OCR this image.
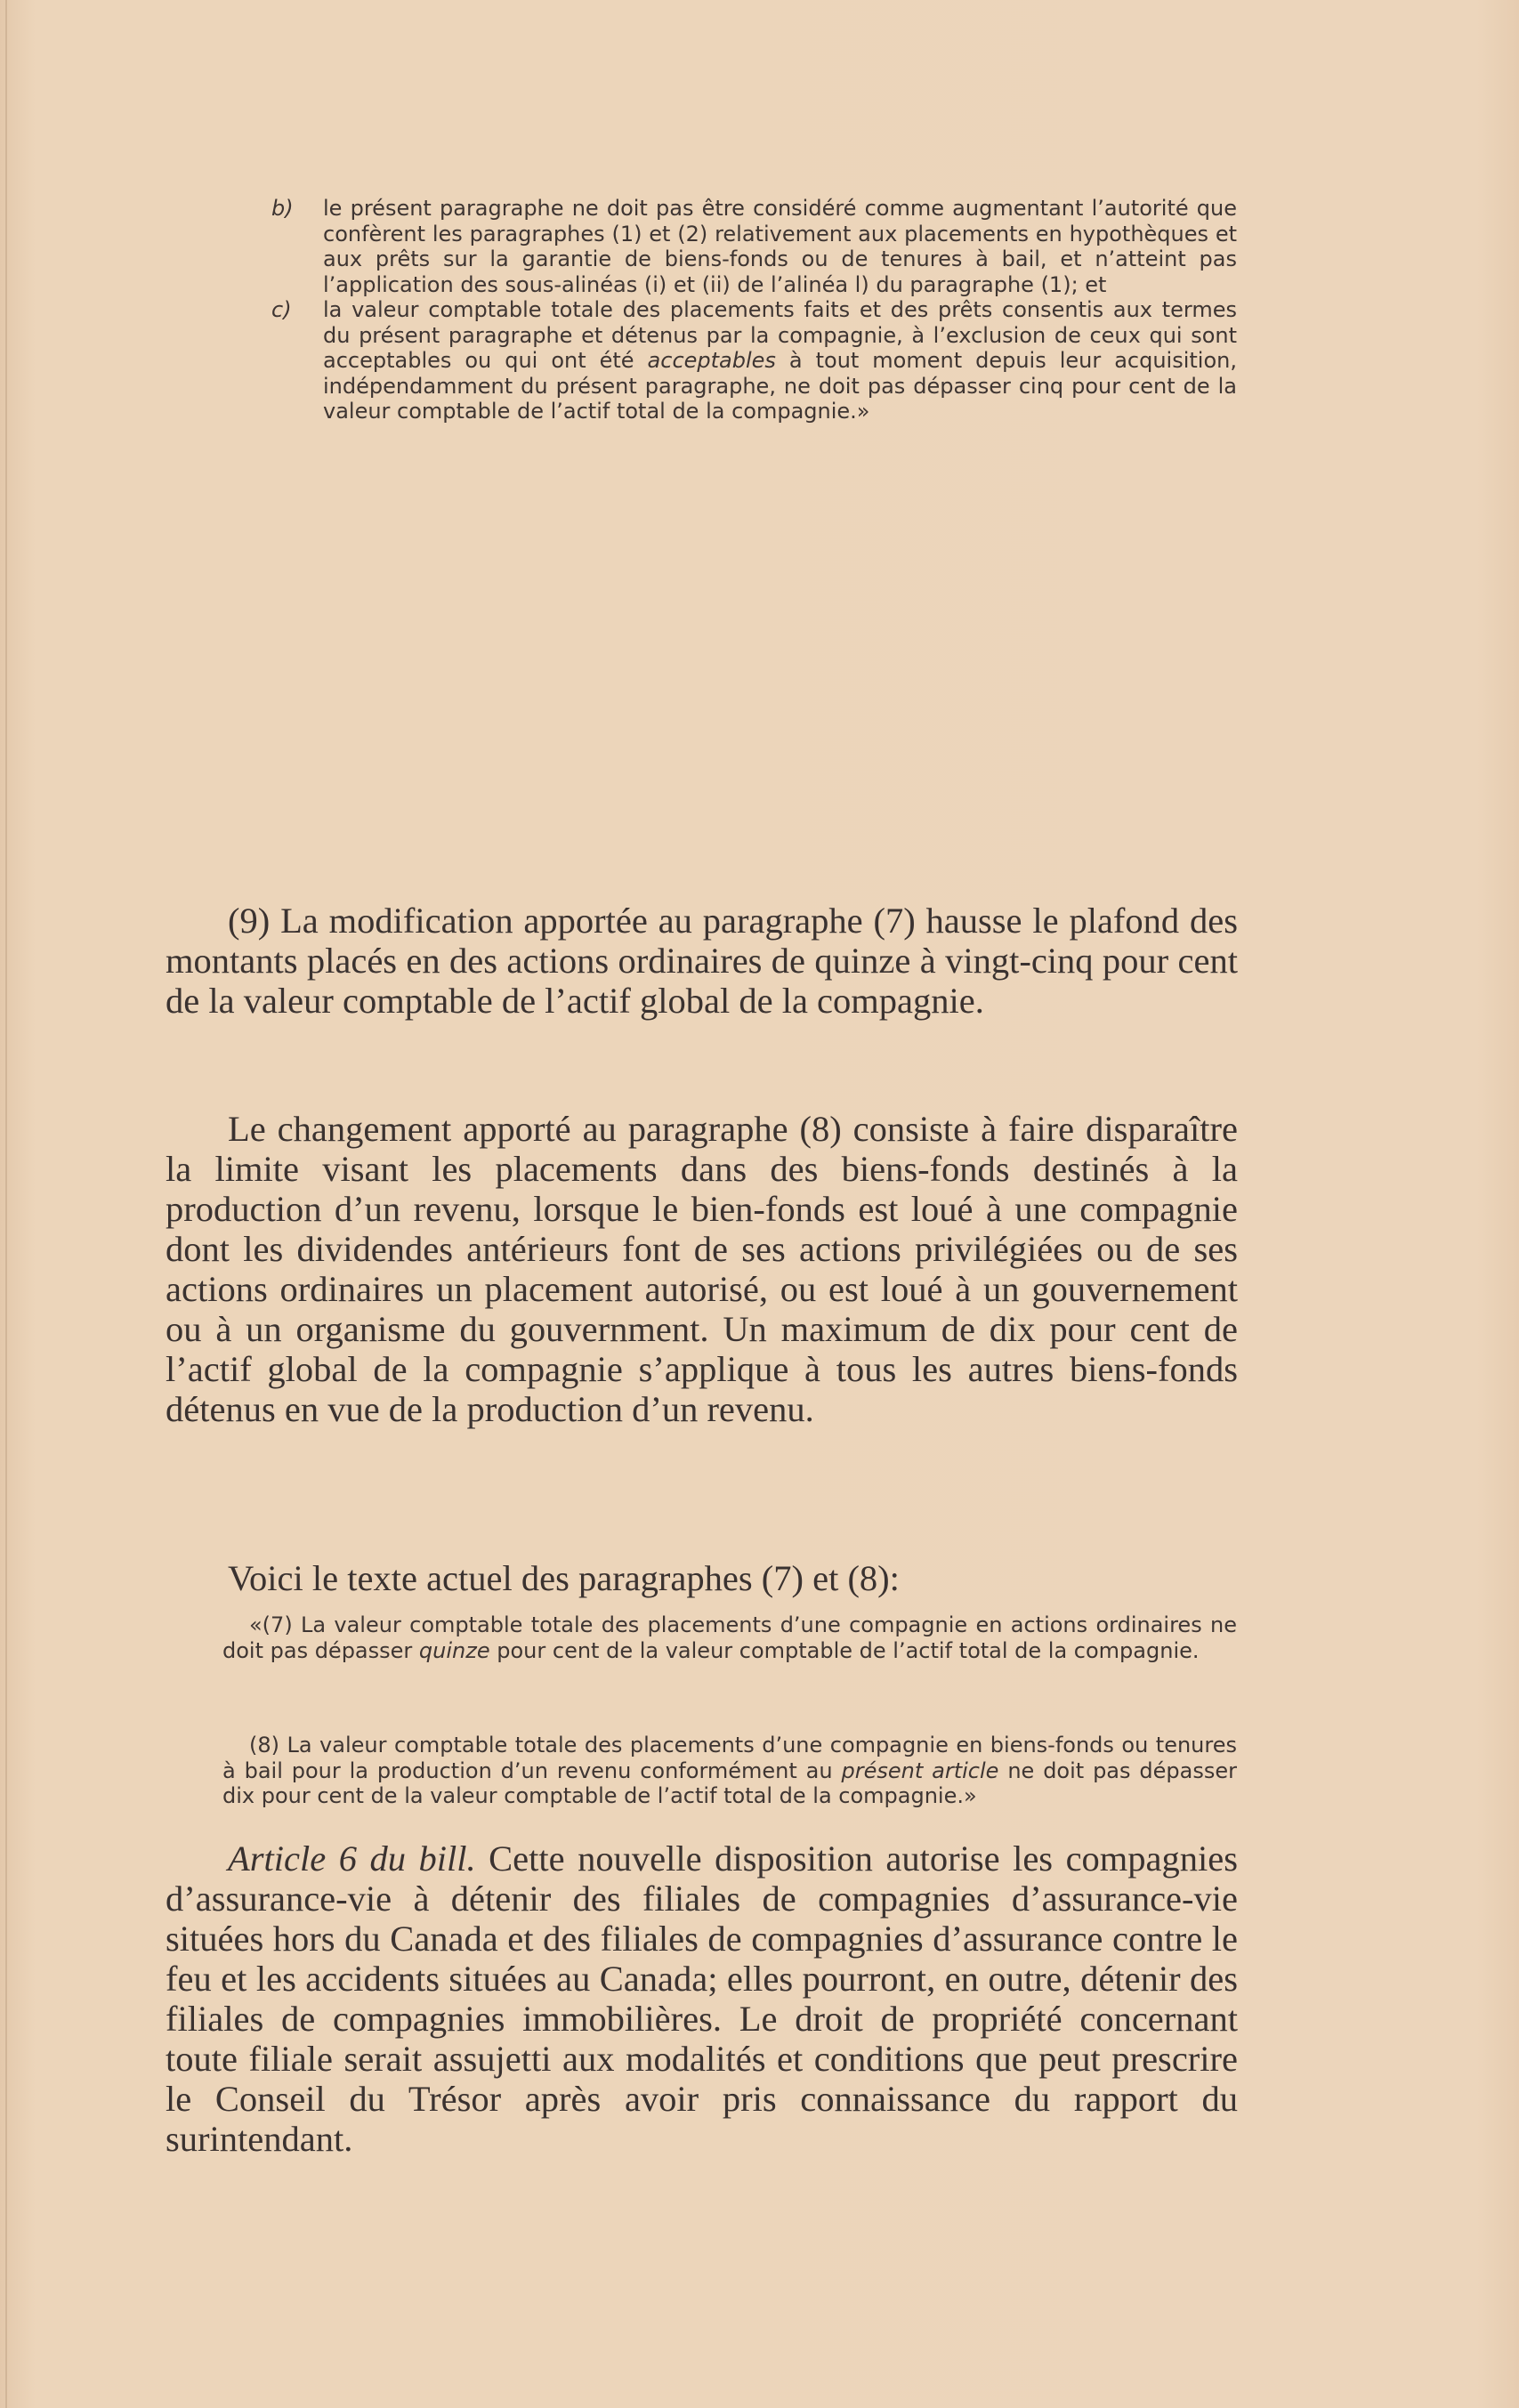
b) le présent paragraphe ne doit pas être considéré comme augmentant l’autorité que confèrent les paragraphes (1) et (2) relativement aux placements en hypothèques et aux prêts sur la garantie de biens-fonds ou de tenures à bail, et n’atteint pas l’application des sous-alinéas (i) et (ii) de l’alinéa l) du paragraphe (1); et

c) la valeur comptable totale des placements faits et des prêts consentis aux termes du présent paragraphe et détenus par la compagnie, à l’exclusion de ceux qui sont acceptables ou qui ont été acceptables à tout moment depuis leur acquisition, indépendamment du présent paragraphe, ne doit pas dépasser cinq pour cent de la valeur comptable de l’actif total de la compagnie.»

(9) La modification apportée au paragraphe (7) hausse le plafond des montants placés en des actions ordinaires de quinze à vingt-cinq pour cent de la valeur comptable de l’actif global de la compagnie.

Le changement apporté au paragraphe (8) consiste à faire disparaître la limite visant les placements dans des biens-fonds destinés à la production d’un revenu, lorsque le bien-fonds est loué à une compagnie dont les dividendes antérieurs font de ses actions privilégiées ou de ses actions ordinaires un placement autorisé, ou est loué à un gouvernement ou à un organisme du gouvernment. Un maximum de dix pour cent de l’actif global de la compagnie s’applique à tous les autres biens-fonds détenus en vue de la production d’un revenu.

Voici le texte actuel des paragraphes (7) et (8):

«(7) La valeur comptable totale des placements d’une compagnie en actions ordinaires ne doit pas dépasser quinze pour cent de la valeur comptable de l’actif total de la compagnie.

(8) La valeur comptable totale des placements d’une compagnie en biens-fonds ou tenures à bail pour la production d’un revenu conformément au présent article ne doit pas dépasser dix pour cent de la valeur comptable de l’actif total de la compagnie.»

Article 6 du bill. Cette nouvelle disposition autorise les compagnies d’assurance-vie à détenir des filiales de compagnies d’assurance-vie situées hors du Canada et des filiales de compagnies d’assurance contre le feu et les accidents situées au Canada; elles pourront, en outre, détenir des filiales de compagnies immobilières. Le droit de propriété concernant toute filiale serait assujetti aux modalités et conditions que peut prescrire le Conseil du Trésor après avoir pris connaissance du rapport du surintendant.
